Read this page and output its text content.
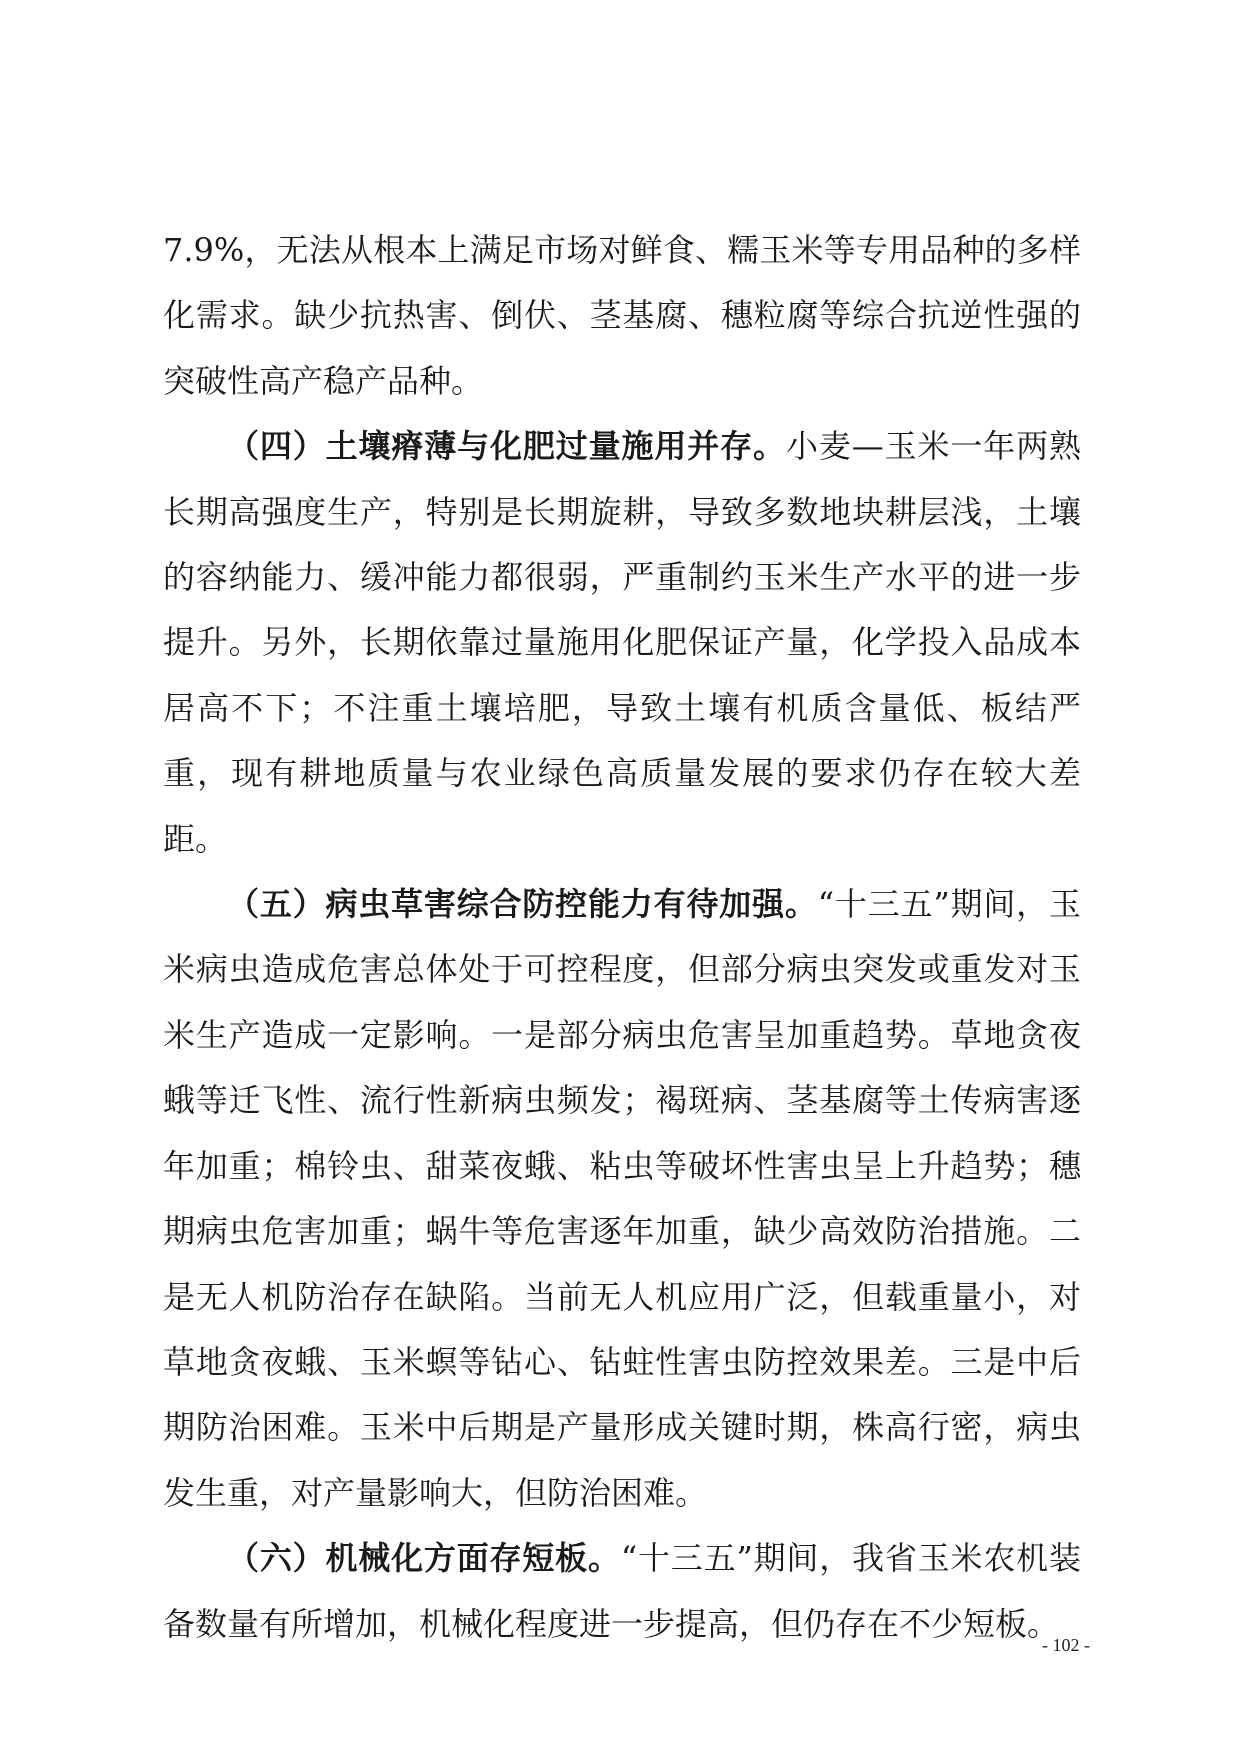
7.9%，无法从根本上满足市场对鲜食、糯玉米等专用品种的多样化需求。缺少抗热害、倒伏、茎基腐、穗粒腐等综合抗逆性强的突破性高产稳产品种。

（四）土壤瘠薄与化肥过量施用并存。小麦—玉米一年两熟长期高强度生产，特别是长期旋耕，导致多数地块耕层浅，土壤的容纳能力、缓冲能力都很弱，严重制约玉米生产水平的进一步提升。另外，长期依靠过量施用化肥保证产量，化学投入品成本居高不下；不注重土壤培肥，导致土壤有机质含量低、板结严重，现有耕地质量与农业绿色高质量发展的要求仍存在较大差距。

（五）病虫草害综合防控能力有待加强。“十三五”期间，玉米病虫造成危害总体处于可控程度，但部分病虫突发或重发对玉米生产造成一定影响。一是部分病虫危害呈加重趋势。草地贪夜蛾等迁飞性、流行性新病虫频发；褐斑病、茎基腐等土传病害逐年加重；棉铃虫、甜菜夜蛾、粘虫等破坏性害虫呈上升趋势；穗期病虫危害加重；蜗牛等危害逐年加重，缺少高效防治措施。二是无人机防治存在缺陷。当前无人机应用广泛，但载重量小，对草地贪夜蛾、玉米螟等钻心、钻蛀性害虫防控效果差。三是中后期防治困难。玉米中后期是产量形成关键时期，株高行密，病虫发生重，对产量影响大，但防治困难。

（六）机械化方面存短板。“十三五”期间，我省玉米农机装备数量有所增加，机械化程度进一步提高，但仍存在不少短板。

- 102 -
